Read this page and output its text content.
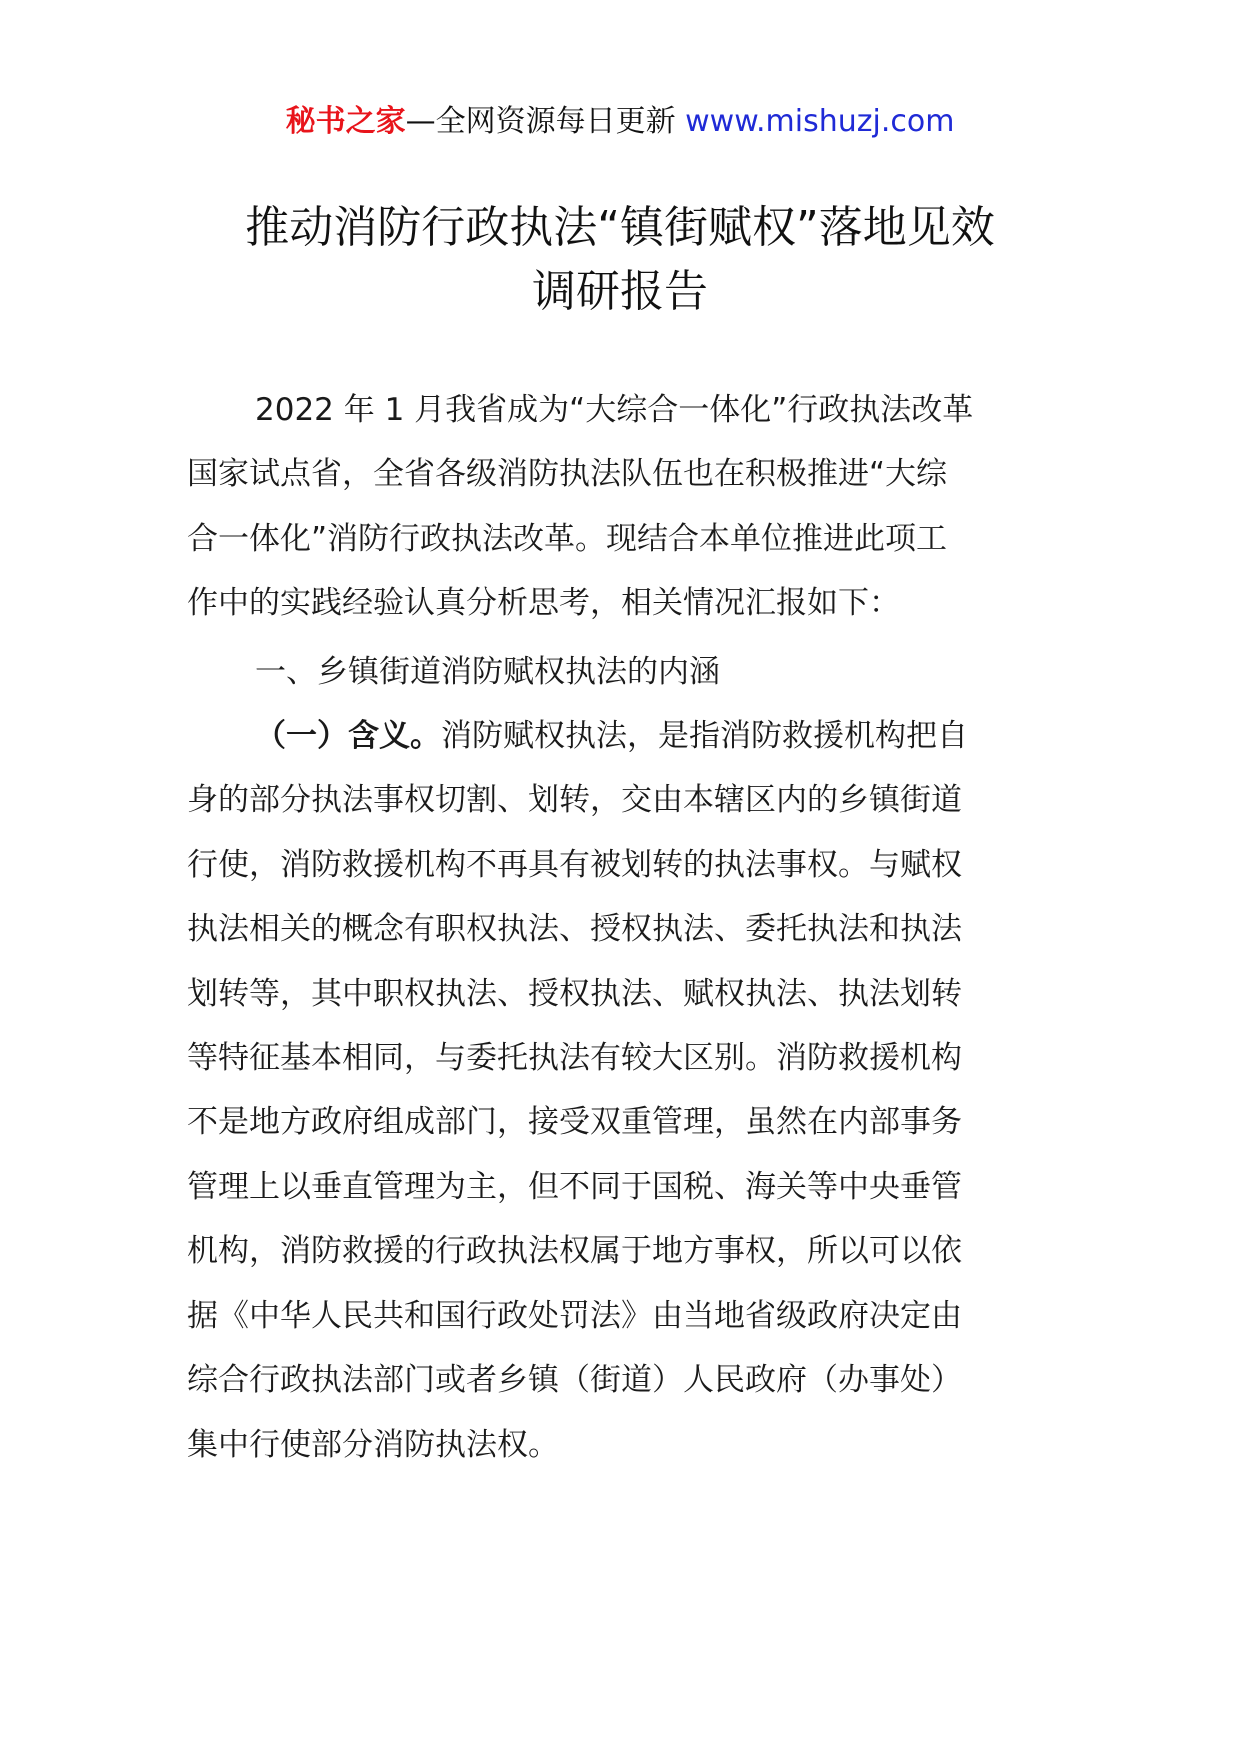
秘书之家—全网资源每日更新 www.mishuzj.com
推动消防行政执法“镇街赋权”落地见效
调研报告

2022 年 1 月我省成为“大综合一体化”行政执法改革
国家试点省，全省各级消防执法队伍也在积极推进“大综
合一体化”消防行政执法改革。现结合本单位推进此项工
作中的实践经验认真分析思考，相关情况汇报如下：

一、乡镇街道消防赋权执法的内涵

（一）含义。消防赋权执法，是指消防救援机构把自
身的部分执法事权切割、划转，交由本辖区内的乡镇街道
行使，消防救援机构不再具有被划转的执法事权。与赋权
执法相关的概念有职权执法、授权执法、委托执法和执法
划转等，其中职权执法、授权执法、赋权执法、执法划转
等特征基本相同，与委托执法有较大区别。消防救援机构
不是地方政府组成部门，接受双重管理，虽然在内部事务
管理上以垂直管理为主，但不同于国税、海关等中央垂管
机构，消防救援的行政执法权属于地方事权，所以可以依
据《中华人民共和国行政处罚法》由当地省级政府决定由
综合行政执法部门或者乡镇（街道）人民政府（办事处）
集中行使部分消防执法权。
